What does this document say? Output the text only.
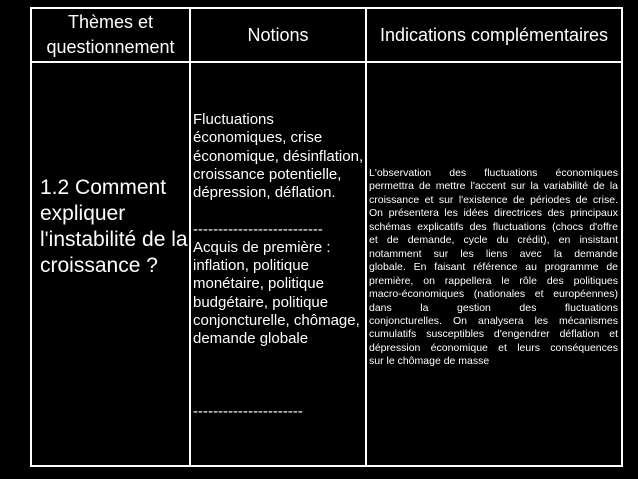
Thèmes et
questionnement
Notions	Indications complémentaires
1.2 Comment
expliquer
l'instabilité de la
croissance ?
Fluctuations
économiques, crise
économique, désinflation,
croissance potentielle,
dépression, déflation.
--------------------------
Acquis de première :
inflation, politique
monétaire, politique
budgétaire, politique
conjoncturelle, chômage,
demande globale
----------------------
L'observation des fluctuations économiques
permettra de mettre l'accent sur la variabilité de la
croissance et sur l'existence de périodes de crise.
On présentera les idées directrices des principaux
schémas explicatifs des fluctuations (chocs d'offre
et de demande, cycle du crédit), en insistant
notamment sur les liens avec la demande
globale. En faisant référence au programme de
première, on rappellera le rôle des politiques
macro-économiques (nationales et européennes)
dans la gestion des fluctuations
conjoncturelles. On analysera les mécanismes
cumulatifs susceptibles d'engendrer déflation et
dépression économique et leurs conséquences
sur le chômage de masse
